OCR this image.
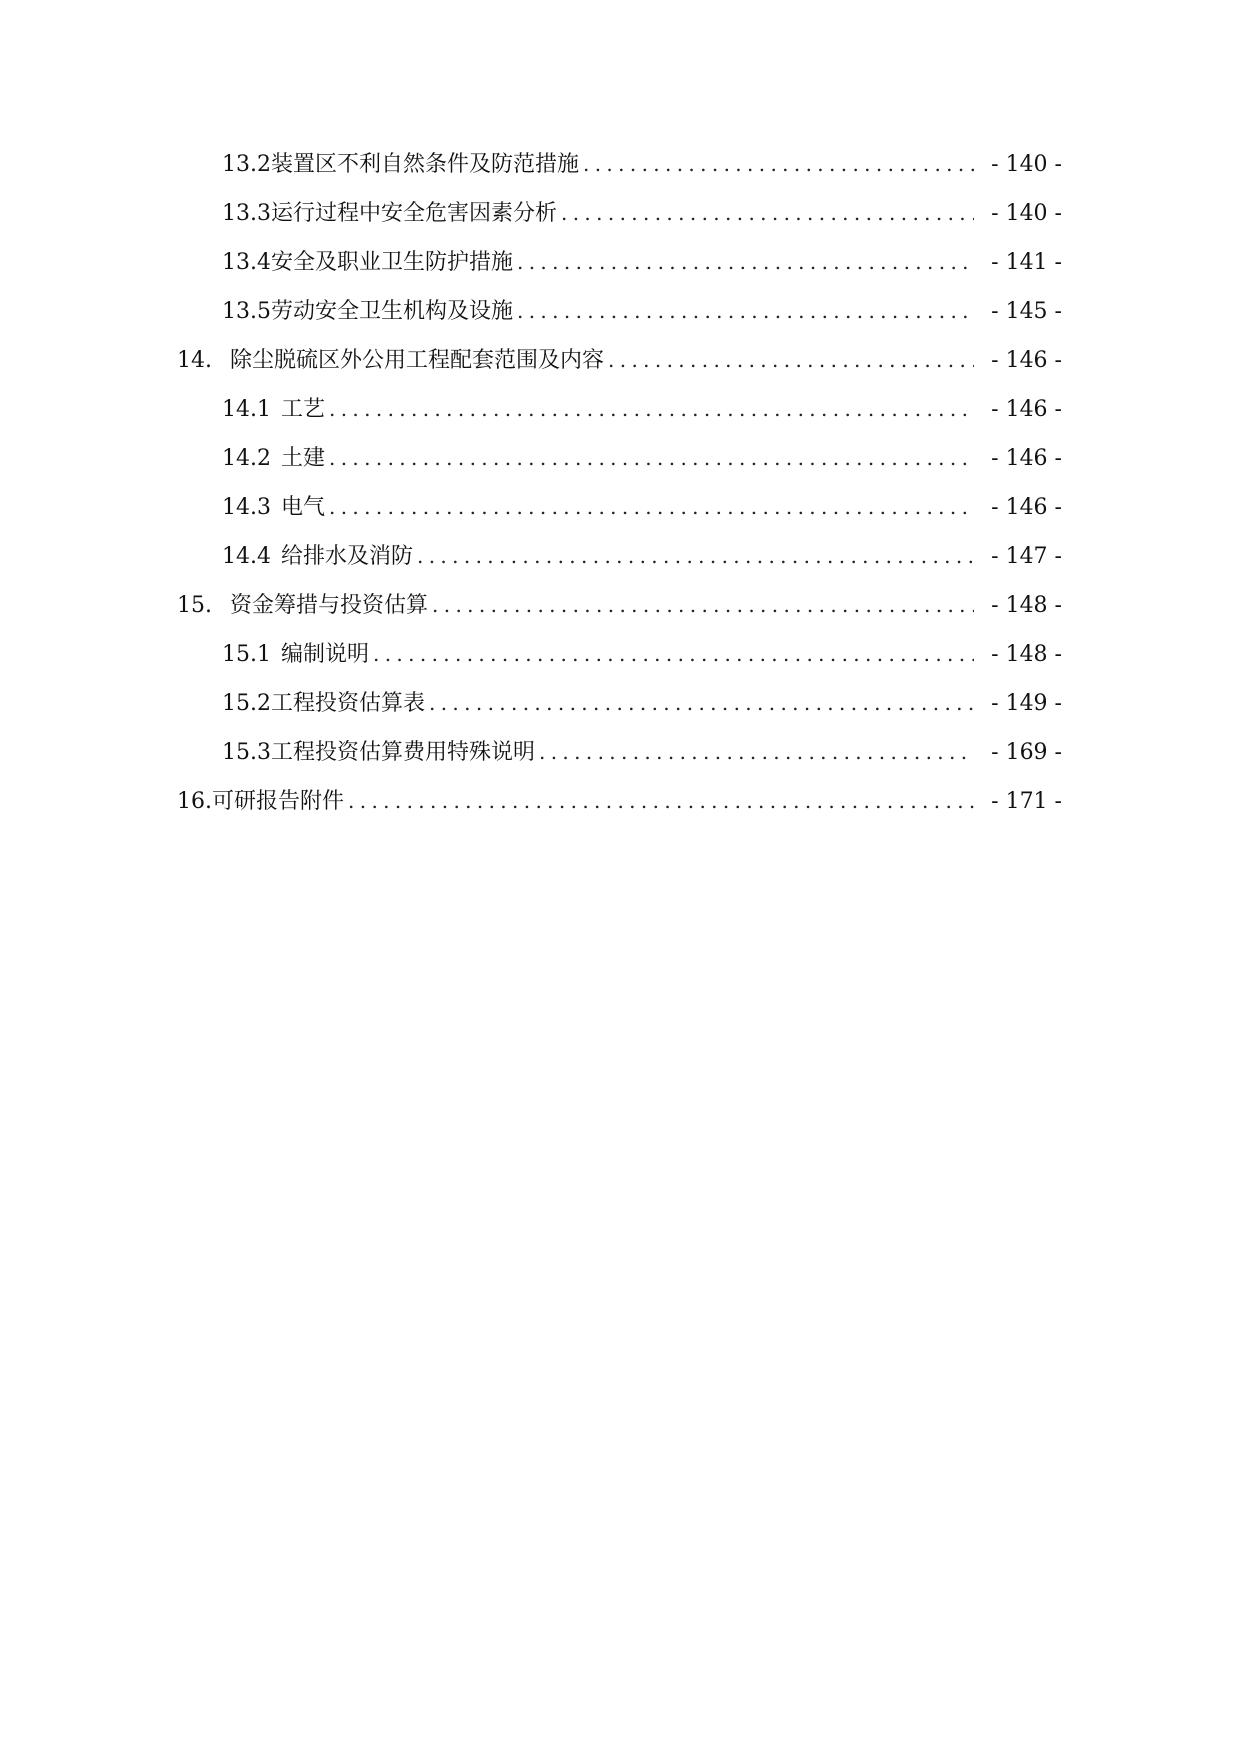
13.2 装置区不利自然条件及防范措施 . . .	- 140 -
13.3 运行过程中安全危害因素分析 . . .	- 140 -
13.4 安全及职业卫生防护措施 . . .	- 141 -
13.5 劳动安全卫生机构及设施 . . .	- 145 -
14. 除尘脱硫区外公用工程配套范围及内容 . . .	- 146 -
14.1 工艺 . . .	- 146 -
14.2 土建 . . .	- 146 -
14.3 电气 . . .	- 146 -
14.4 给排水及消防 . . .	- 147 -
15. 资金筹措与投资估算 . . .	- 148 -
15.1 编制说明 . . .	- 148 -
15.2 工程投资估算表 . . .	- 149 -
15.3 工程投资估算费用特殊说明 . . .	- 169 -
16. 可研报告附件 . . .	- 171 -
